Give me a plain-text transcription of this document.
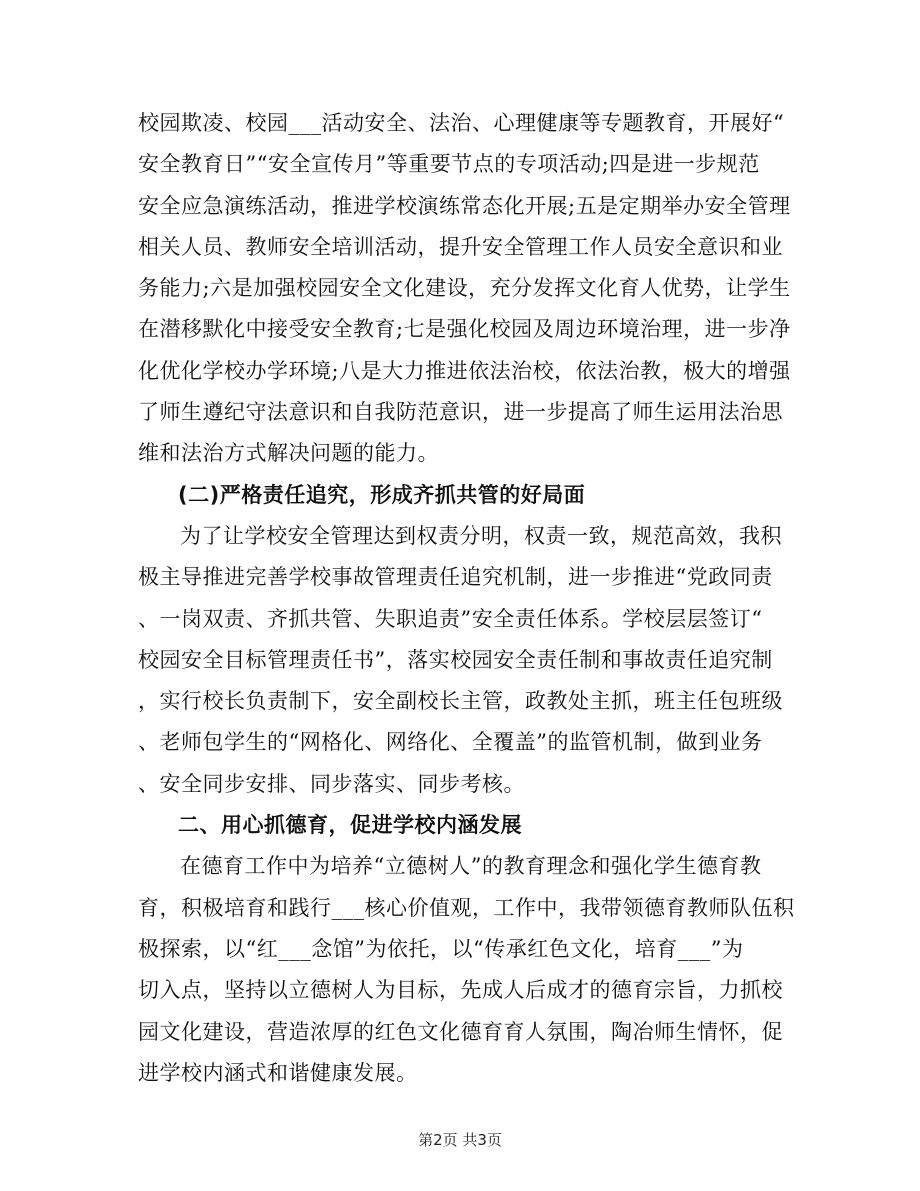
校园欺凌、校园___活动安全、法治、心理健康等专题教育，开展好“
安全教育日”“安全宣传月”等重要节点的专项活动;四是进一步规范
安全应急演练活动，推进学校演练常态化开展;五是定期举办安全管理
相关人员、教师安全培训活动，提升安全管理工作人员安全意识和业
务能力;六是加强校园安全文化建设，充分发挥文化育人优势，让学生
在潜移默化中接受安全教育;七是强化校园及周边环境治理，进一步净
化优化学校办学环境;八是大力推进依法治校，依法治教，极大的增强
了师生遵纪守法意识和自我防范意识，进一步提高了师生运用法治思
维和法治方式解决问题的能力。
(二)严格责任追究，形成齐抓共管的好局面
为了让学校安全管理达到权责分明，权责一致，规范高效，我积
极主导推进完善学校事故管理责任追究机制，进一步推进“党政同责
、一岗双责、齐抓共管、失职追责”安全责任体系。学校层层签订“
校园安全目标管理责任书”，落实校园安全责任制和事故责任追究制
，实行校长负责制下，安全副校长主管，政教处主抓，班主任包班级
、老师包学生的“网格化、网络化、全覆盖”的监管机制，做到业务
、安全同步安排、同步落实、同步考核。
二、用心抓德育，促进学校内涵发展
在德育工作中为培养“立德树人”的教育理念和强化学生德育教
育，积极培育和践行___核心价值观，工作中，我带领德育教师队伍积
极探索，以“红___念馆”为依托，以“传承红色文化，培育___”为
切入点，坚持以立德树人为目标，先成人后成才的德育宗旨，力抓校
园文化建设，营造浓厚的红色文化德育育人氛围，陶冶师生情怀，促
进学校内涵式和谐健康发展。
第2页 共3页
